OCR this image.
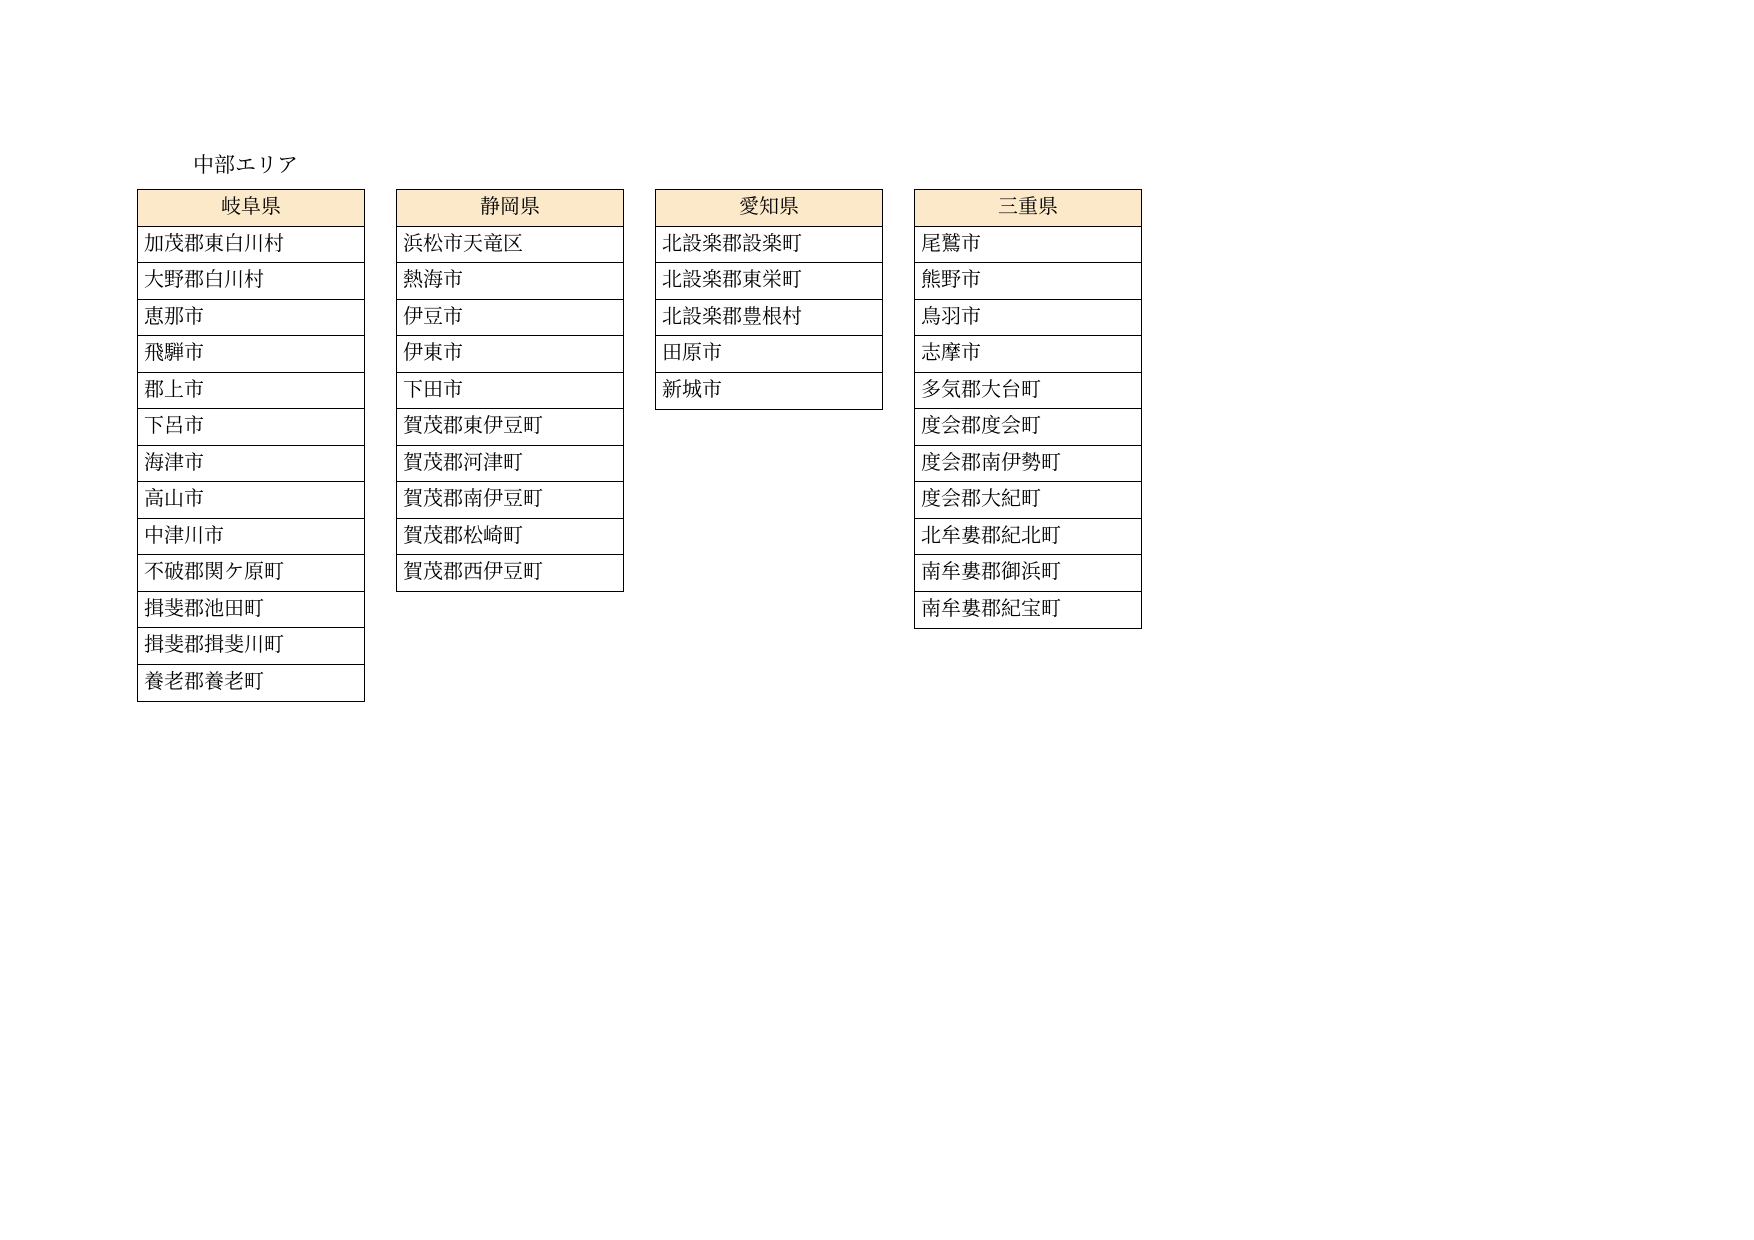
中部エリア
岐阜県
加茂郡東白川村
大野郡白川村
恵那市
飛騨市
郡上市
下呂市
海津市
高山市
中津川市
不破郡関ケ原町
揖斐郡池田町
揖斐郡揖斐川町
養老郡養老町
静岡県
浜松市天竜区
熱海市
伊豆市
伊東市
下田市
賀茂郡東伊豆町
賀茂郡河津町
賀茂郡南伊豆町
賀茂郡松崎町
賀茂郡西伊豆町
愛知県
北設楽郡設楽町
北設楽郡東栄町
北設楽郡豊根村
田原市
新城市
三重県
尾鷲市
熊野市
鳥羽市
志摩市
多気郡大台町
度会郡度会町
度会郡南伊勢町
度会郡大紀町
北牟婁郡紀北町
南牟婁郡御浜町
南牟婁郡紀宝町
